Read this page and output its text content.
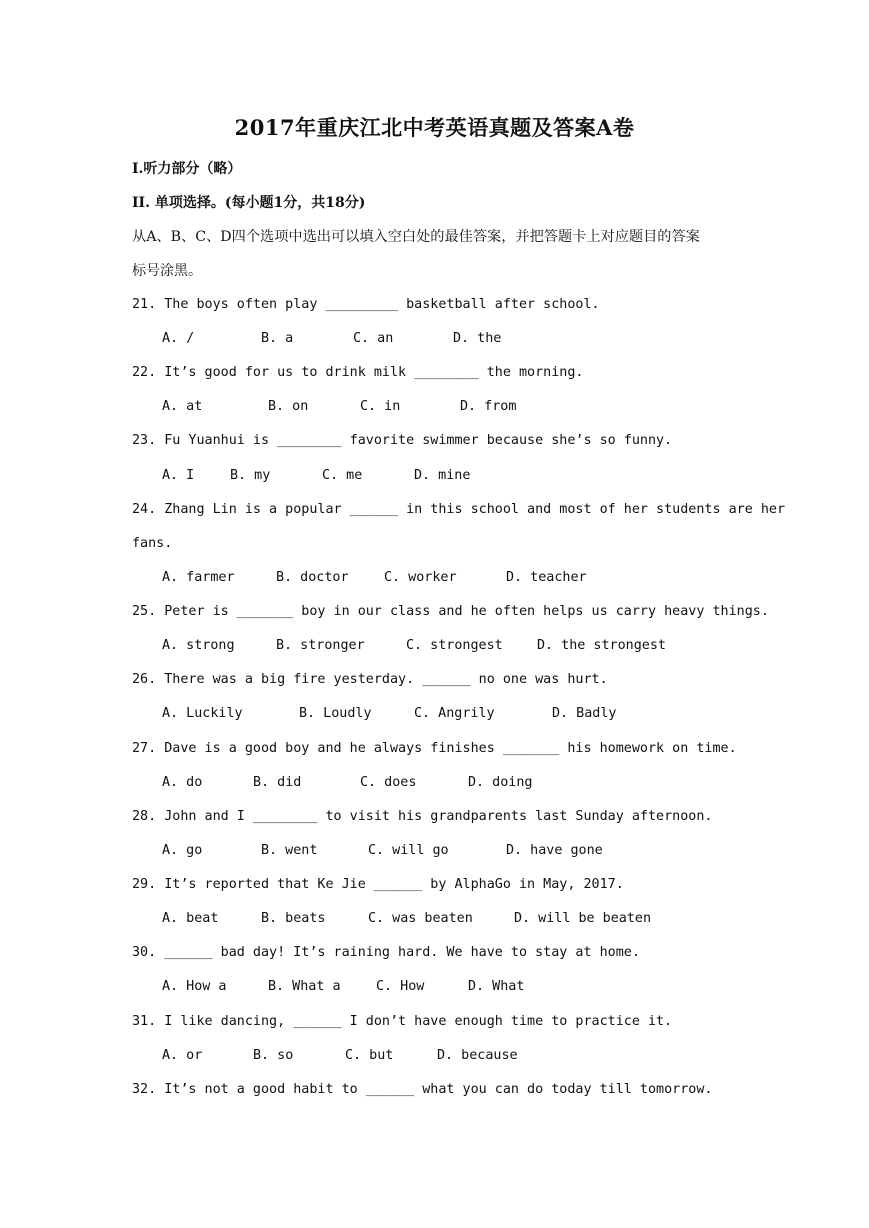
2017年重庆江北中考英语真题及答案A卷
I.听力部分（略）
II. 单项选择。(每小题1分，共18分)
从A、B、C、D四个选项中选出可以填入空白处的最佳答案，并把答题卡上对应题目的答案
标号涂黑。
21. The boys often play _________ basketball after school.
A. /	B. a	C. an	D. the
22. It’s good for us to drink milk ________ the morning.
A. at	B. on	C. in	D. from
23. Fu Yuanhui is ________ favorite swimmer because she’s so funny.
A. I	B. my	C. me	D. mine
24. Zhang Lin is a popular ______ in this school and most of her students are her
fans.
A. farmer	B. doctor	C. worker	D. teacher
25. Peter is _______ boy in our class and he often helps us carry heavy things.
A. strong	B. stronger	C. strongest	D. the strongest
26. There was a big fire yesterday. ______ no one was hurt.
A. Luckily	B. Loudly	C. Angrily	D. Badly
27. Dave is a good boy and he always finishes _______ his homework on time.
A. do	B. did	C. does	D. doing
28. John and I ________ to visit his grandparents last Sunday afternoon.
A. go	B. went	C. will go	D. have gone
29. It’s reported that Ke Jie ______ by AlphaGo in May, 2017.
A. beat	B. beats	C. was beaten	D. will be beaten
30. ______ bad day! It’s raining hard. We have to stay at home.
A. How a	B. What a	C. How	D. What
31. I like dancing, ______ I don’t have enough time to practice it.
A. or	B. so	C. but	D. because
32. It’s not a good habit to ______ what you can do today till tomorrow.
